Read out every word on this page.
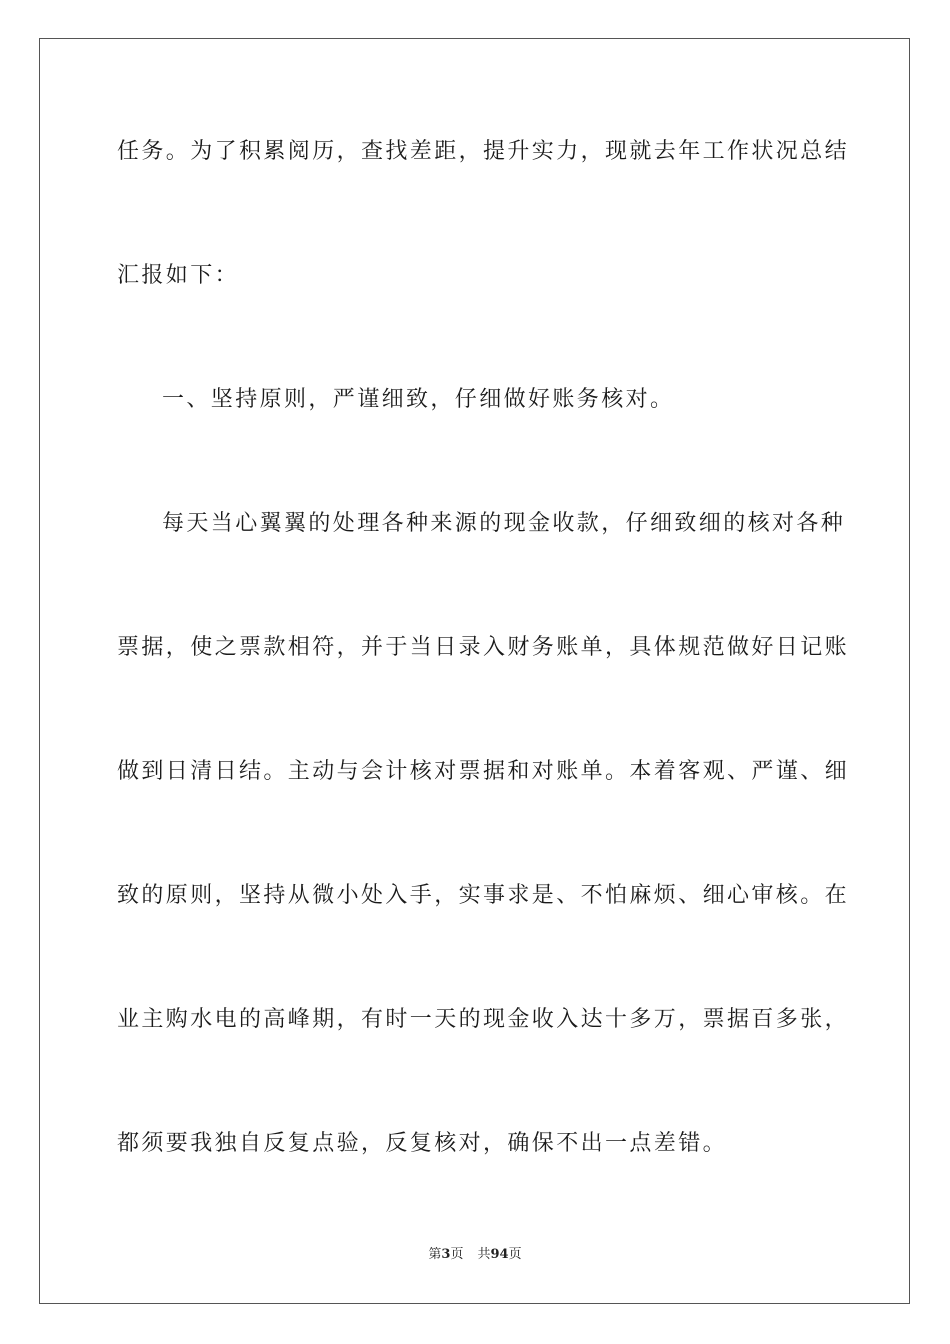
任务。为了积累阅历，查找差距，提升实力，现就去年工作状况总结
汇报如下：
一、坚持原则，严谨细致，仔细做好账务核对。
每天当心翼翼的处理各种来源的现金收款，仔细致细的核对各种
票据，使之票款相符，并于当日录入财务账单，具体规范做好日记账
做到日清日结。主动与会计核对票据和对账单。本着客观、严谨、细
致的原则，坚持从微小处入手，实事求是、不怕麻烦、细心审核。在
业主购水电的高峰期，有时一天的现金收入达十多万，票据百多张，
都须要我独自反复点验，反复核对，确保不出一点差错。
第3页 共94页
